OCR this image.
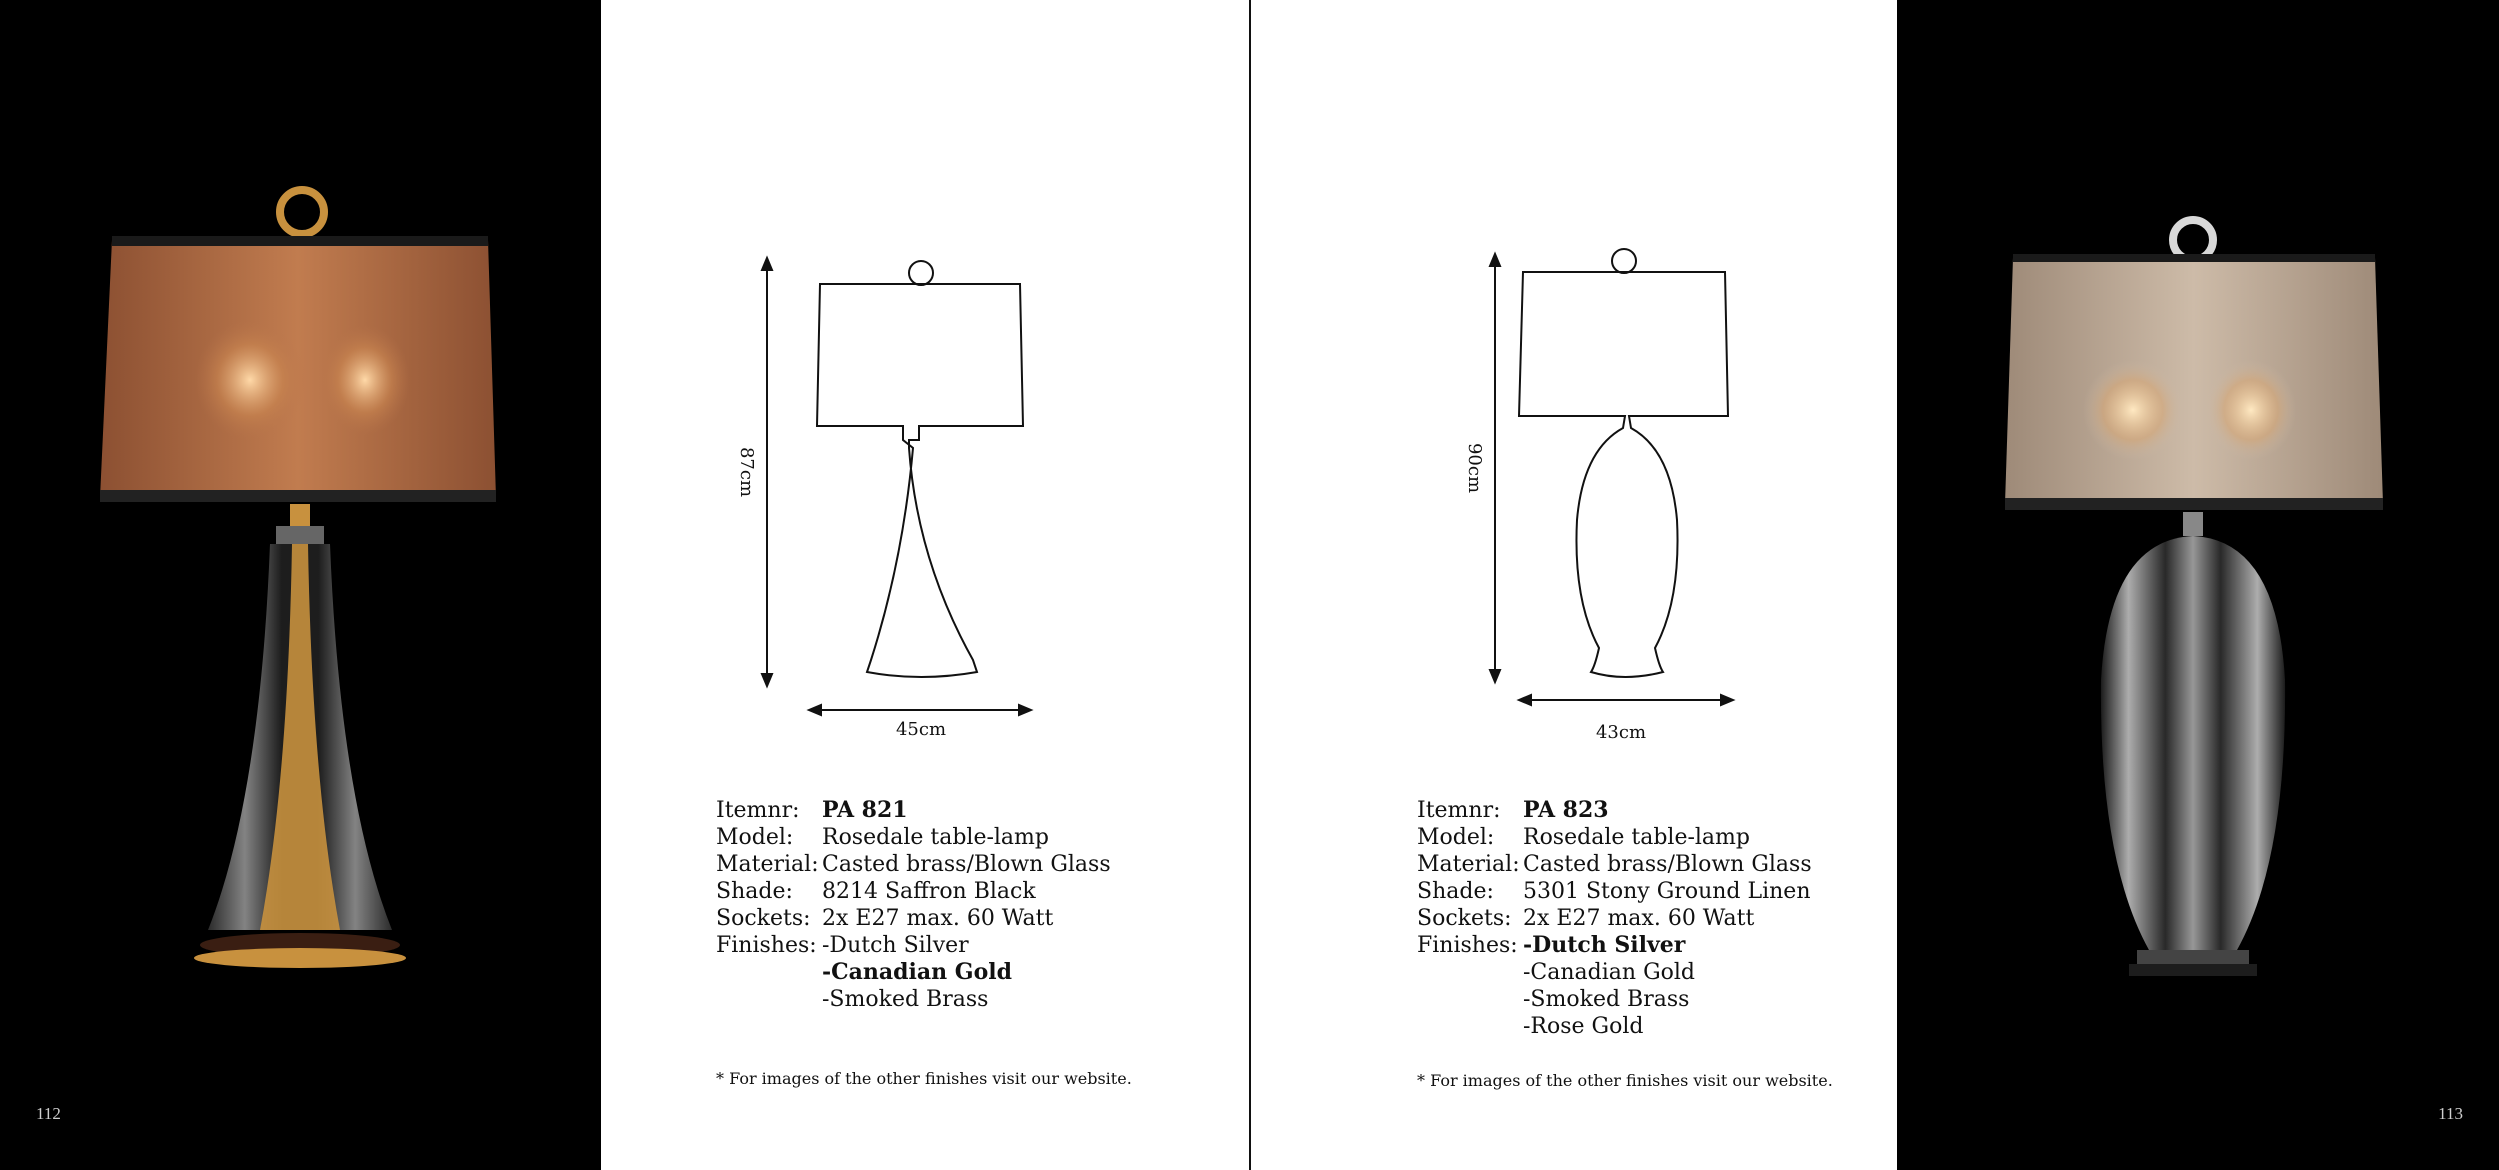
112
87cm
45cm
Itemnr:	PA 821
Model:	Rosedale table-lamp
Material: Casted brass/Blown Glass
Shade:	8214 Saffron Black
Sockets: 2x E27 max. 60 Watt
Finishes: -Dutch Silver
-Canadian Gold
-Smoked Brass
* For images of the other finishes visit our website.
90cm
43cm
Itemnr:	PA 823
Model:	Rosedale table-lamp
Material: Casted brass/Blown Glass
Shade:	5301 Stony Ground Linen
Sockets: 2x E27 max. 60 Watt
Finishes: -Dutch Silver
-Canadian Gold
-Smoked Brass
-Rose Gold
* For images of the other finishes visit our website.
113
